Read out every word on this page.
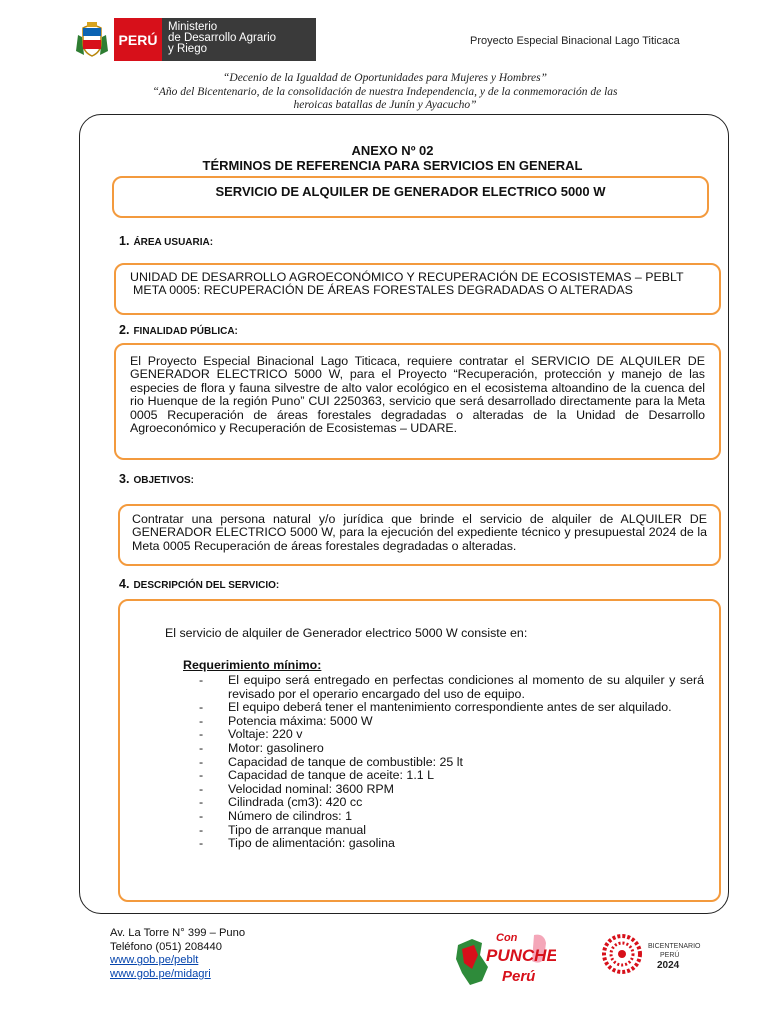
PERÚ
Ministerio
de Desarrollo Agrario
y Riego
Proyecto Especial Binacional Lago Titicaca
“Decenio de la Igualdad de Oportunidades para Mujeres y Hombres”
“Año del Bicentenario, de la consolidación de nuestra Independencia, y de la conmemoración de las
heroicas batallas de Junín y Ayacucho”
ANEXO Nº 02
TÉRMINOS DE REFERENCIA PARA SERVICIOS EN GENERAL
SERVICIO DE ALQUILER DE GENERADOR ELECTRICO 5000 W
1. ÁREA USUARIA:
UNIDAD DE DESARROLLO AGROECONÓMICO Y RECUPERACIÓN DE ECOSISTEMAS – PEBLT
META 0005: RECUPERACIÓN DE ÁREAS FORESTALES DEGRADADAS O ALTERADAS
2. FINALIDAD PÚBLICA:
El Proyecto Especial Binacional Lago Titicaca, requiere contratar el SERVICIO DE ALQUILER DE GENERADOR ELECTRICO 5000 W, para el Proyecto “Recuperación, protección y manejo de las especies de flora y fauna silvestre de alto valor ecológico en el ecosistema altoandino de la cuenca del rio Huenque de la región Puno” CUI 2250363, servicio que será desarrollado directamente para la Meta 0005 Recuperación de áreas forestales degradadas o alteradas de la Unidad de Desarrollo Agroeconómico y Recuperación de Ecosistemas – UDARE.
3. OBJETIVOS:
Contratar una persona natural y/o jurídica que brinde el servicio de alquiler de ALQUILER DE GENERADOR ELECTRICO 5000 W, para la ejecución del expediente técnico y presupuestal 2024 de la Meta 0005 Recuperación de áreas forestales degradadas o alteradas.
4. DESCRIPCIÓN DEL SERVICIO:
El servicio de alquiler de Generador electrico 5000 W consiste en:
Requerimiento mínimo:
-	El equipo será entregado en perfectas condiciones al momento de su alquiler y será revisado por el operario encargado del uso de equipo.
-	El equipo deberá tener el mantenimiento correspondiente antes de ser alquilado.
-	Potencia máxima: 5000 W
-	Voltaje: 220 v
-	Motor: gasolinero
-	Capacidad de tanque de combustible: 25 lt
-	Capacidad de tanque de aceite: 1.1 L
-	Velocidad nominal: 3600 RPM
-	Cilindrada (cm3): 420 cc
-	Número de cilindros: 1
-	Tipo de arranque manual
-	Tipo de alimentación: gasolina
Av. La Torre N° 399 – Puno
Teléfono (051) 208440
www.gob.pe/peblt
www.gob.pe/midagri
Con
PUNCHE
Perú
BICENTENARIO
PERÚ
2024
